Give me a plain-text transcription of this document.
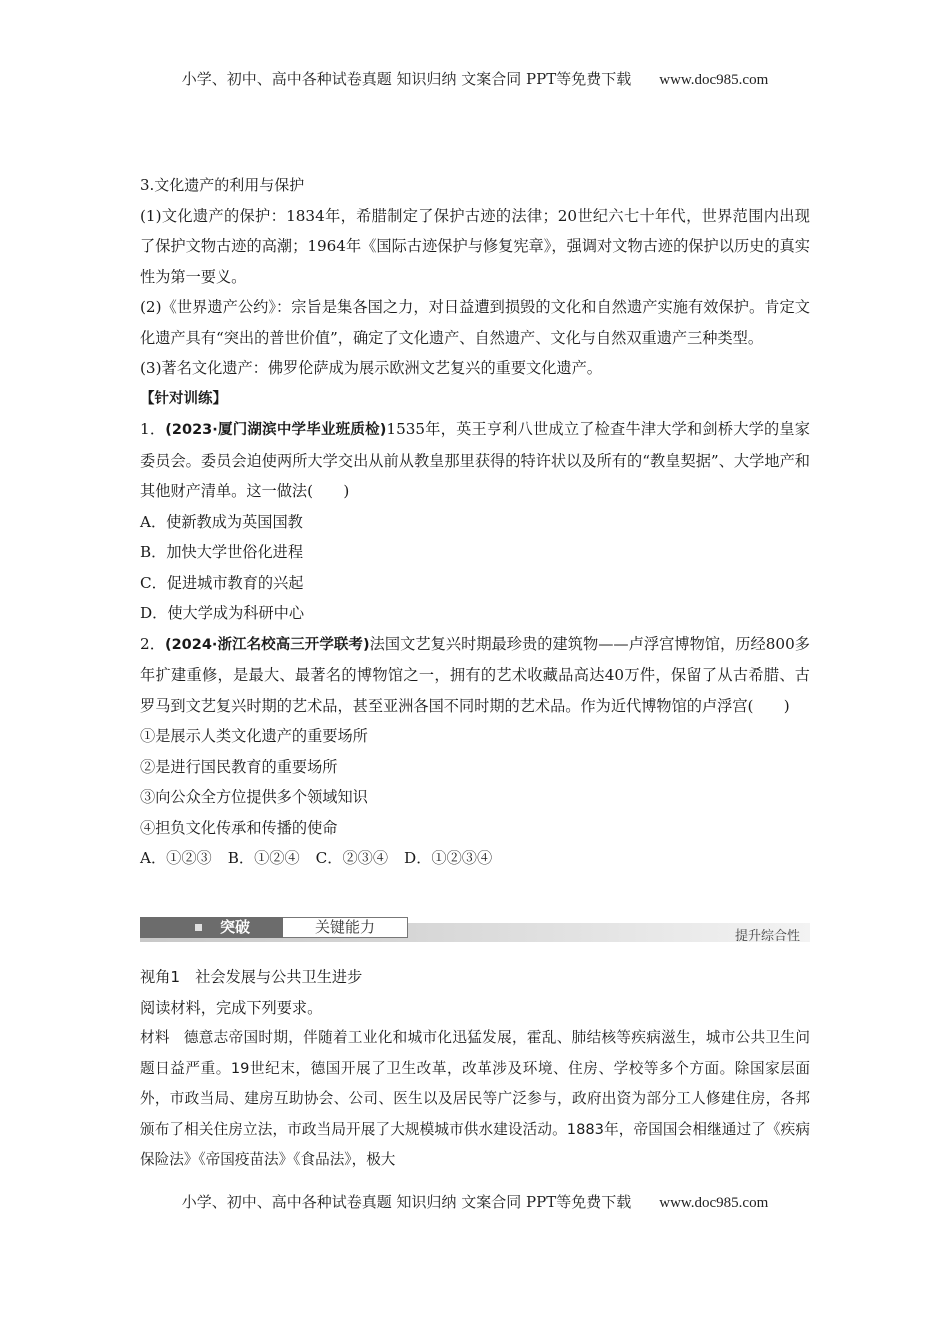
小学、初中、高中各种试卷真题 知识归纳 文案合同 PPT等免费下载 www.doc985.com

3.文化遗产的利用与保护

(1)文化遗产的保护：1834年，希腊制定了保护古迹的法律；20世纪六七十年代，世界范围内出现了保护文物古迹的高潮；1964年《国际古迹保护与修复宪章》，强调对文物古迹的保护以历史的真实性为第一要义。

(2)《世界遗产公约》：宗旨是集各国之力，对日益遭到损毁的文化和自然遗产实施有效保护。肯定文化遗产具有“突出的普世价值”，确定了文化遗产、自然遗产、文化与自然双重遗产三种类型。

(3)著名文化遗产：佛罗伦萨成为展示欧洲文艺复兴的重要文化遗产。

【针对训练】

1．(2023·厦门湖滨中学毕业班质检)1535年，英王亨利八世成立了检查牛津大学和剑桥大学的皇家委员会。委员会迫使两所大学交出从前从教皇那里获得的特许状以及所有的“教皇契据”、大学地产和其他财产清单。这一做法(　　)

A．使新教成为英国国教

B．加快大学世俗化进程

C．促进城市教育的兴起

D．使大学成为科研中心

2．(2024·浙江名校高三开学联考)法国文艺复兴时期最珍贵的建筑物——卢浮宫博物馆，历经800多年扩建重修，是最大、最著名的博物馆之一，拥有的艺术收藏品高达40万件，保留了从古希腊、古罗马到文艺复兴时期的艺术品，甚至亚洲各国不同时期的艺术品。作为近代博物馆的卢浮宫(　　)

①是展示人类文化遗产的重要场所

②是进行国民教育的重要场所

③向公众全方位提供多个领域知识

④担负文化传承和传播的使命

A．①②③ B．①②④ C．②③④ D．①②③④

突破	关键能力
提升综合性

视角1　社会发展与公共卫生进步

阅读材料，完成下列要求。

材料 德意志帝国时期，伴随着工业化和城市化迅猛发展，霍乱、肺结核等疾病滋生，城市公共卫生问题日益严重。19世纪末，德国开展了卫生改革，改革涉及环境、住房、学校等多个方面。除国家层面外，市政当局、建房互助协会、公司、医生以及居民等广泛参与，政府出资为部分工人修建住房，各邦颁布了相关住房立法，市政当局开展了大规模城市供水建设活动。1883年，帝国国会相继通过了《疾病保险法》《帝国疫苗法》《食品法》，极大

小学、初中、高中各种试卷真题 知识归纳 文案合同 PPT等免费下载 www.doc985.com
